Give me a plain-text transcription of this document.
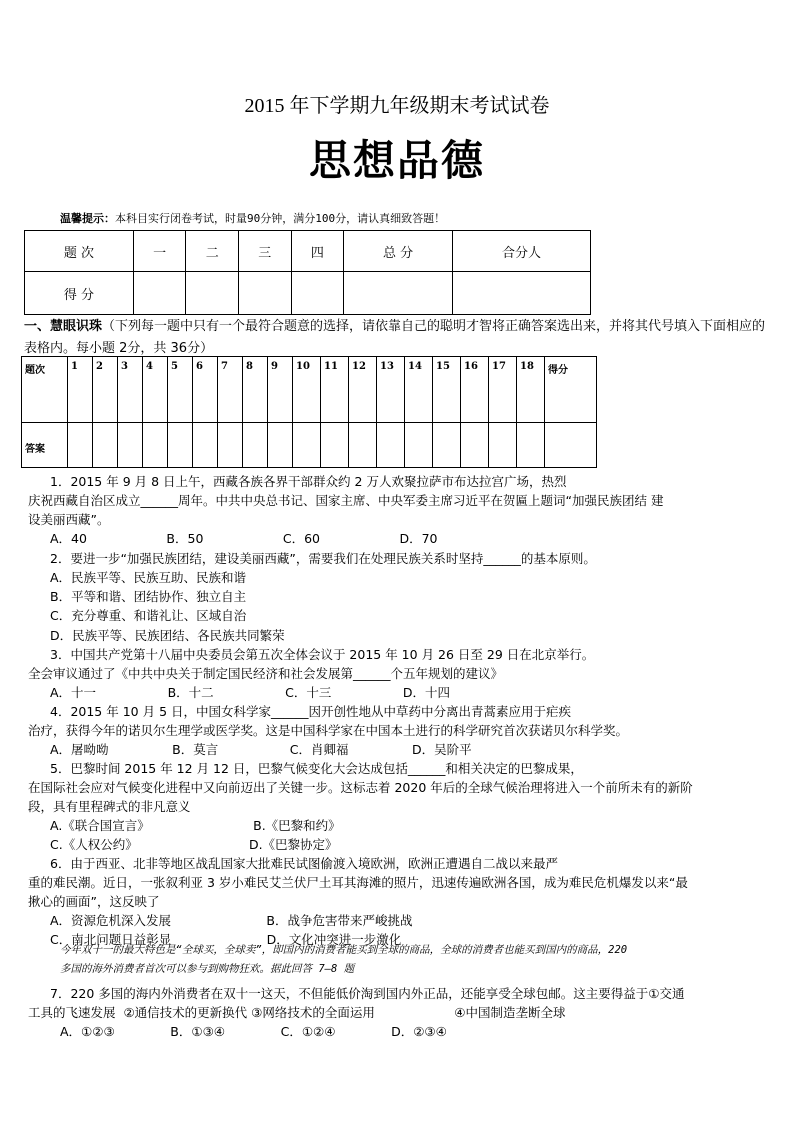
2015 年下学期九年级期末考试试卷
思想品德
温馨提示：本科目实行闭卷考试，时量90分钟，满分100分，请认真细致答题！
题 次	一	二	三	四	总 分	合分人
得 分						
一、慧眼识珠（下列每一题中只有一个最符合题意的选择，请依靠自己的聪明才智将正确答案选出来，并将其代号填入下面相应的表格内。每小题 2分，共 36分）
题次	1	2	3	4	5	6	7	8	9	10	11	12	13	14	15	16	17	18	得分
答案																			
1．2015 年 9 月 8 日上午，西藏各族各界干部群众约 2 万人欢聚拉萨市布达拉宫广场，热烈
庆祝西藏自治区成立______周年。中共中央总书记、国家主席、中央军委主席习近平在贺匾上题词“加强民族团结 建
设美丽西藏”。
A．40                    B．50                    C．60                    D．70
2．要进一步“加强民族团结，建设美丽西藏”，需要我们在处理民族关系时坚持______的基本原则。
A．民族平等、民族互助、民族和谐
B．平等和谐、团结协作、独立自主
C．充分尊重、和谐礼让、区域自治
D．民族平等、民族团结、各民族共同繁荣
3．中国共产党第十八届中央委员会第五次全体会议于 2015 年 10 月 26 日至 29 日在北京举行。
全会审议通过了《中共中央关于制定国民经济和社会发展第______个五年规划的建议》
A．十一                  B．十二                  C．十三                  D．十四
4．2015 年 10 月 5 日，中国女科学家______因开创性地从中草药中分离出青蒿素应用于疟疾
治疗，获得今年的诺贝尔生理学或医学奖。这是中国科学家在中国本土进行的科学研究首次获诺贝尔科学奖。
A．屠呦呦                B．莫言                  C．肖卿福                D．吴阶平
5．巴黎时间 2015 年 12 月 12 日，巴黎气候变化大会达成包括______和相关决定的巴黎成果，
在国际社会应对气候变化进程中又向前迈出了关键一步。这标志着 2020 年后的全球气候治理将进入一个前所未有的新阶
段，具有里程碑式的非凡意义
A.《联合国宣言》                          B.《巴黎和约》
C.《人权公约》                            D.《巴黎协定》
6．由于西亚、北非等地区战乱国家大批难民试图偷渡入境欧洲，欧洲正遭遇自二战以来最严
重的难民潮。近日，一张叙利亚 3 岁小难民艾兰伏尸土耳其海滩的照片，迅速传遍欧洲各国，成为难民危机爆发以来“最
揪心的画面”，这反映了
A．资源危机深入发展                        B．战争危害带来严峻挑战
C．南北问题日益彰显                        D．文化冲突进一步激化
7．220 多国的海内外消费者在双十一这天，不但能低价淘到国内外正品，还能享受全球包邮。这主要得益于①交通
工具的飞速发展  ②通信技术的更新换代 ③网络技术的全面运用                    ④中国制造垄断全球
A．①②③              B．①③④              C．①②④              D．②③④
今年双十一的最大特色是“全球买，全球卖”，即国内的消费者能买到全球的商品，全球的消费者也能买到国内的商品，220
多国的海外消费者首次可以参与到购物狂欢。据此回答 7—8 题
